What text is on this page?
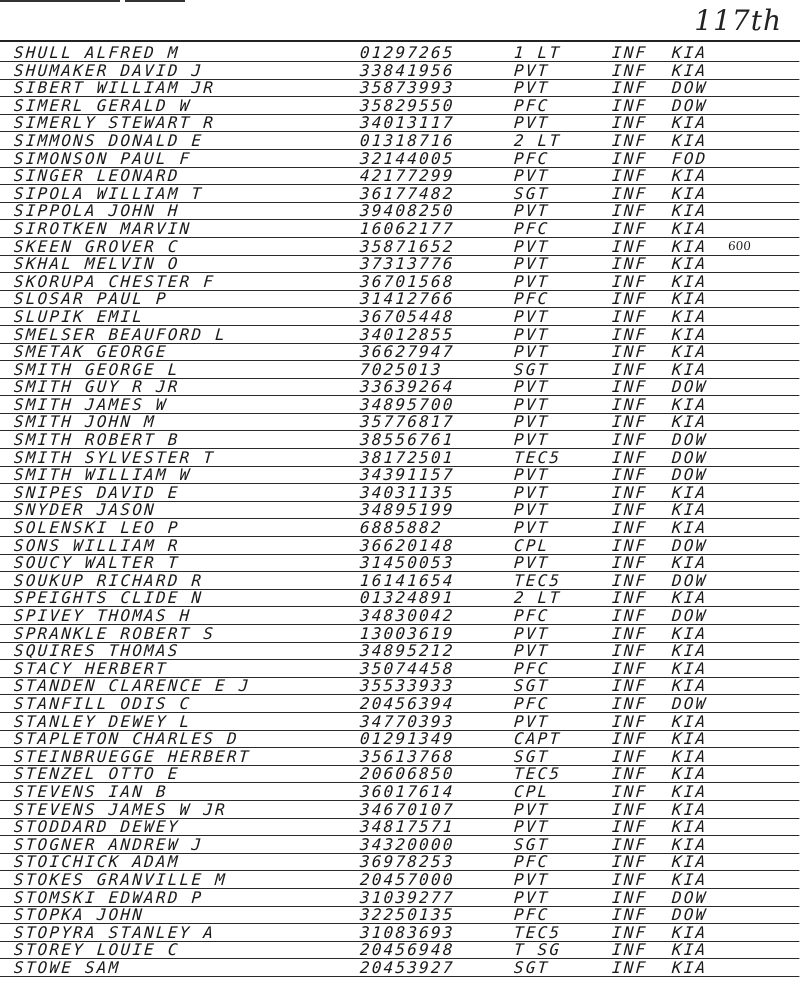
117th
SHULL ALFRED M	01297265	1 LT	INF KIA
SHUMAKER DAVID J	33841956	PVT	INF KIA
SIBERT WILLIAM JR	35873993	PVT	INF DOW
SIMERL GERALD W	35829550	PFC	INF DOW
SIMERLY STEWART R	34013117	PVT	INF KIA
SIMMONS DONALD E	01318716	2 LT	INF KIA
SIMONSON PAUL F	32144005	PFC	INF FOD
SINGER LEONARD	42177299	PVT	INF KIA
SIPOLA WILLIAM T	36177482	SGT	INF KIA
SIPPOLA JOHN H	39408250	PVT	INF KIA
SIROTKEN MARVIN	16062177	PFC	INF KIA
SKEEN GROVER C	35871652	PVT	INF KIA 600
SKHAL MELVIN O	37313776	PVT	INF KIA
SKORUPA CHESTER F	36701568	PVT	INF KIA
SLOSAR PAUL P	31412766	PFC	INF KIA
SLUPIK EMIL	36705448	PVT	INF KIA
SMELSER BEAUFORD L	34012855	PVT	INF KIA
SMETAK GEORGE	36627947	PVT	INF KIA
SMITH GEORGE L	7025013	SGT	INF KIA
SMITH GUY R JR	33639264	PVT	INF DOW
SMITH JAMES W	34895700	PVT	INF KIA
SMITH JOHN M	35776817	PVT	INF KIA
SMITH ROBERT B	38556761	PVT	INF DOW
SMITH SYLVESTER T	38172501	TEC5	INF DOW
SMITH WILLIAM W	34391157	PVT	INF DOW
SNIPES DAVID E	34031135	PVT	INF KIA
SNYDER JASON	34895199	PVT	INF KIA
SOLENSKI LEO P	6885882	PVT	INF KIA
SONS WILLIAM R	36620148	CPL	INF DOW
SOUCY WALTER T	31450053	PVT	INF KIA
SOUKUP RICHARD R	16141654	TEC5	INF DOW
SPEIGHTS CLIDE N	01324891	2 LT	INF KIA
SPIVEY THOMAS H	34830042	PFC	INF DOW
SPRANKLE ROBERT S	13003619	PVT	INF KIA
SQUIRES THOMAS	34895212	PVT	INF KIA
STACY HERBERT	35074458	PFC	INF KIA
STANDEN CLARENCE E J	35533933	SGT	INF KIA
STANFILL ODIS C	20456394	PFC	INF DOW
STANLEY DEWEY L	34770393	PVT	INF KIA
STAPLETON CHARLES D	01291349	CAPT	INF KIA
STEINBRUEGGE HERBERT	35613768	SGT	INF KIA
STENZEL OTTO E	20606850	TEC5	INF KIA
STEVENS IAN B	36017614	CPL	INF KIA
STEVENS JAMES W JR	34670107	PVT	INF KIA
STODDARD DEWEY	34817571	PVT	INF KIA
STOGNER ANDREW J	34320000	SGT	INF KIA
STOICHICK ADAM	36978253	PFC	INF KIA
STOKES GRANVILLE M	20457000	PVT	INF KIA
STOMSKI EDWARD P	31039277	PVT	INF DOW
STOPKA JOHN	32250135	PFC	INF DOW
STOPYRA STANLEY A	31083693	TEC5	INF KIA
STOREY LOUIE C	20456948	T SG	INF KIA
STOWE SAM	20453927	SGT	INF KIA
